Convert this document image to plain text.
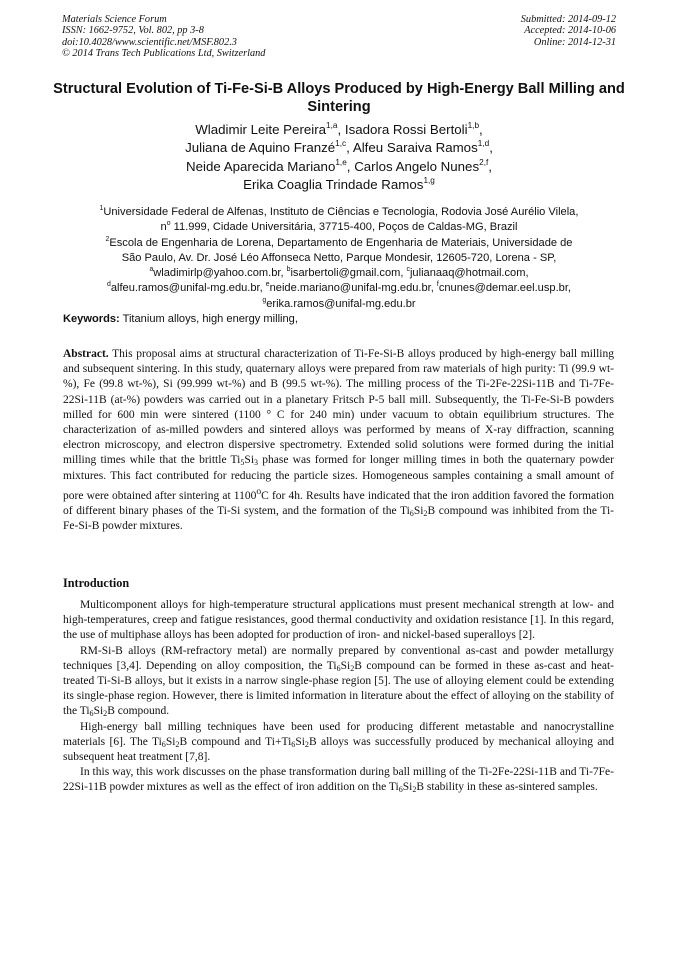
Materials Science Forum
ISSN: 1662-9752, Vol. 802, pp 3-8
doi:10.4028/www.scientific.net/MSF.802.3
© 2014 Trans Tech Publications Ltd, Switzerland
Submitted: 2014-09-12
Accepted: 2014-10-06
Online: 2014-12-31
Structural Evolution of Ti-Fe-Si-B Alloys Produced by High-Energy Ball Milling and Sintering
Wladimir Leite Pereira$^{1,a}$, Isadora Rossi Bertoli$^{1,b}$,
Juliana de Aquino Franzé$^{1,c}$, Alfeu Saraiva Ramos$^{1,d}$,
Neide Aparecida Mariano$^{1,e}$, Carlos Angelo Nunes$^{2,f}$,
Erika Coaglia Trindade Ramos$^{1,g}$
$^1$Universidade Federal de Alfenas, Instituto de Ciências e Tecnologia, Rodovia José Aurélio Vilela,
$n^o$ 11.999, Cidade Universitária, 37715-400, Poços de Caldas-MG, Brazil
$^2$Escola de Engenharia de Lorena, Departamento de Engenharia de Materiais, Universidade de
São Paulo, Av. Dr. José Léo Affonseca Netto, Parque Mondesir, 12605-720, Lorena - SP,
$^a$wladimirlp@yahoo.com.br, $^b$isarbertoli@gmail.com, $^c$julianaaq@hotmail.com,
$^d$alfeu.ramos@unifal-mg.edu.br, $^e$neide.mariano@unifal-mg.edu.br, $^f$cnunes@demar.eel.usp.br,
$^g$erika.ramos@unifal-mg.edu.br
Keywords: Titanium alloys, high energy milling,
Abstract. This proposal aims at structural characterization of Ti-Fe-Si-B alloys produced by high-energy ball milling and subsequent sintering. In this study, quaternary alloys were prepared from raw materials of high purity: Ti (99.9 wt-%), Fe (99.8 wt-%), Si (99.999 wt-%) and B (99.5 wt-%). The milling process of the Ti-2Fe-22Si-11B and Ti-7Fe-22Si-11B (at-%) powders was carried out in a planetary Fritsch P-5 ball mill. Subsequently, the Ti-Fe-Si-B powders milled for 600 min were sintered (1100 ° C for 240 min) under vacuum to obtain equilibrium structures. The characterization of as-milled powders and sintered alloys was performed by means of X-ray diffraction, scanning electron microscopy, and electron dispersive spectrometry. Extended solid solutions were formed during the initial milling times while that the brittle $Ti_5Si_3$ phase was formed for longer milling times in both the quaternary powder mixtures. This fact contributed for reducing the particle sizes. Homogeneous samples containing a small amount of pore were obtained after sintering at 1100$^o$C for 4h. Results have indicated that the iron addition favored the formation of different binary phases of the Ti-Si system, and the formation of the $Ti_6Si_2B$ compound was inhibited from the Ti-Fe-Si-B powder mixtures.
Introduction

Multicomponent alloys for high-temperature structural applications must present mechanical strength at low- and high-temperatures, creep and fatigue resistances, good thermal conductivity and oxidation resistance [1]. In this regard, the use of multiphase alloys has been adopted for production of iron- and nickel-based superalloys [2].

RM-Si-B alloys (RM-refractory metal) are normally prepared by conventional as-cast and powder metallurgy techniques [3,4]. Depending on alloy composition, the $Ti_6Si_2B$ compound can be formed in these as-cast and heat-treated Ti-Si-B alloys, but it exists in a narrow single-phase region [5]. The use of alloying element could be extending its single-phase region. However, there is limited information in literature about the effect of alloying on the stability of the $Ti_6Si_2B$ compound.

High-energy ball milling techniques have been used for producing different metastable and nanocrystalline materials [6]. The $Ti_6Si_2B$ compound and $Ti+Ti_6Si_2B$ alloys was successfully produced by mechanical alloying and subsequent heat treatment [7,8].

In this way, this work discusses on the phase transformation during ball milling of the Ti-2Fe-22Si-11B and Ti-7Fe-22Si-11B powder mixtures as well as the effect of iron addition on the $Ti_6Si_2B$ stability in these as-sintered samples.
